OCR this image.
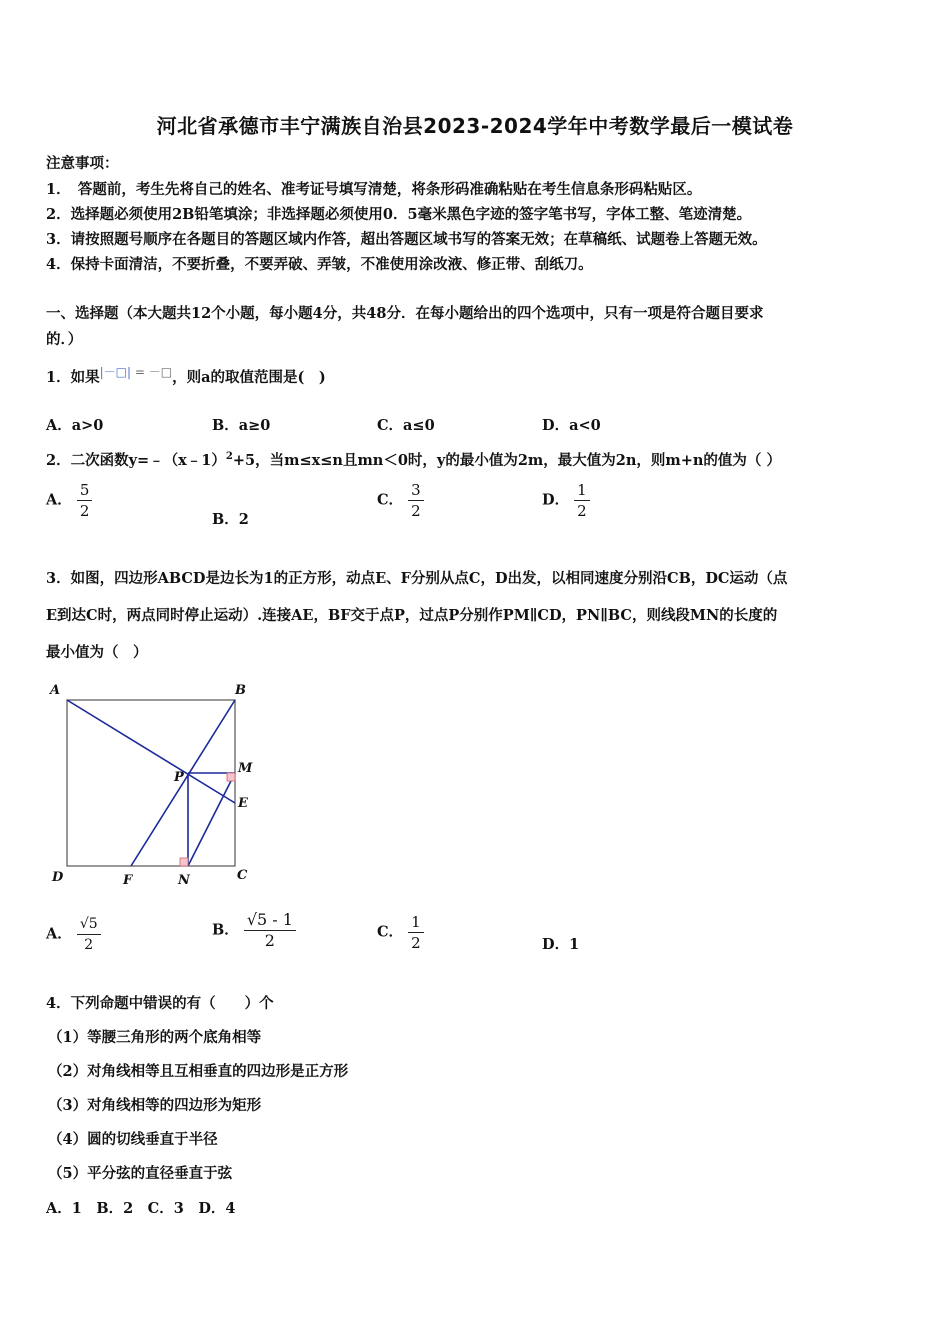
河北省承德市丰宁满族自治县2023-2024学年中考数学最后一模试卷
注意事项：
1．　答题前，考生先将自己的姓名、准考证号填写清楚，将条形码准确粘贴在考生信息条形码粘贴区。
2．选择题必须使用2B铅笔填涂；非选择题必须使用0．5毫米黑色字迹的签字笔书写，字体工整、笔迹清楚。
3．请按照题号顺序在各题目的答题区域内作答，超出答题区域书写的答案无效；在草稿纸、试题卷上答题无效。
4．保持卡面清洁，不要折叠，不要弄破、弄皱，不准使用涂改液、修正带、刮纸刀。
一、选择题（本大题共12个小题，每小题4分，共48分．在每小题给出的四个选项中，只有一项是符合题目要求
的．）
1．如果|－□| = －□，则a的取值范围是(　)
A．a>0	B．a≥0	C．a≤0	D．a<0
2．二次函数y=﹣（x﹣1）$^2$+5，当m≤x≤n且mn＜0时，y的最小值为2m，最大值为2n，则m+n的值为（ ）
A． $\frac{5}{2}$	B．2
C． $\frac{3}{2}$	D． $\frac{1}{2}$
3．如图，四边形ABCD是边长为1的正方形，动点E、F分别从点C，D出发，以相同速度分别沿CB，DC运动（点
E到达C时，两点同时停止运动）.连接AE，BF交于点P，过点P分别作PM∥CD，PN∥BC，则线段MN的长度的
最小值为（　）
A	B
C
D
E
F
M
N
P
A． $\frac{√5}{2}$	B． $\frac{√5 - 1}{2}$	C． $\frac{1}{2}$	D．1
4．下列命题中错误的有（　　）个
（1）等腰三角形的两个底角相等
（2）对角线相等且互相垂直的四边形是正方形
（3）对角线相等的四边形为矩形
（4）圆的切线垂直于半径
（5）平分弦的直径垂直于弦
A．1　B．2　C．3　D．4
